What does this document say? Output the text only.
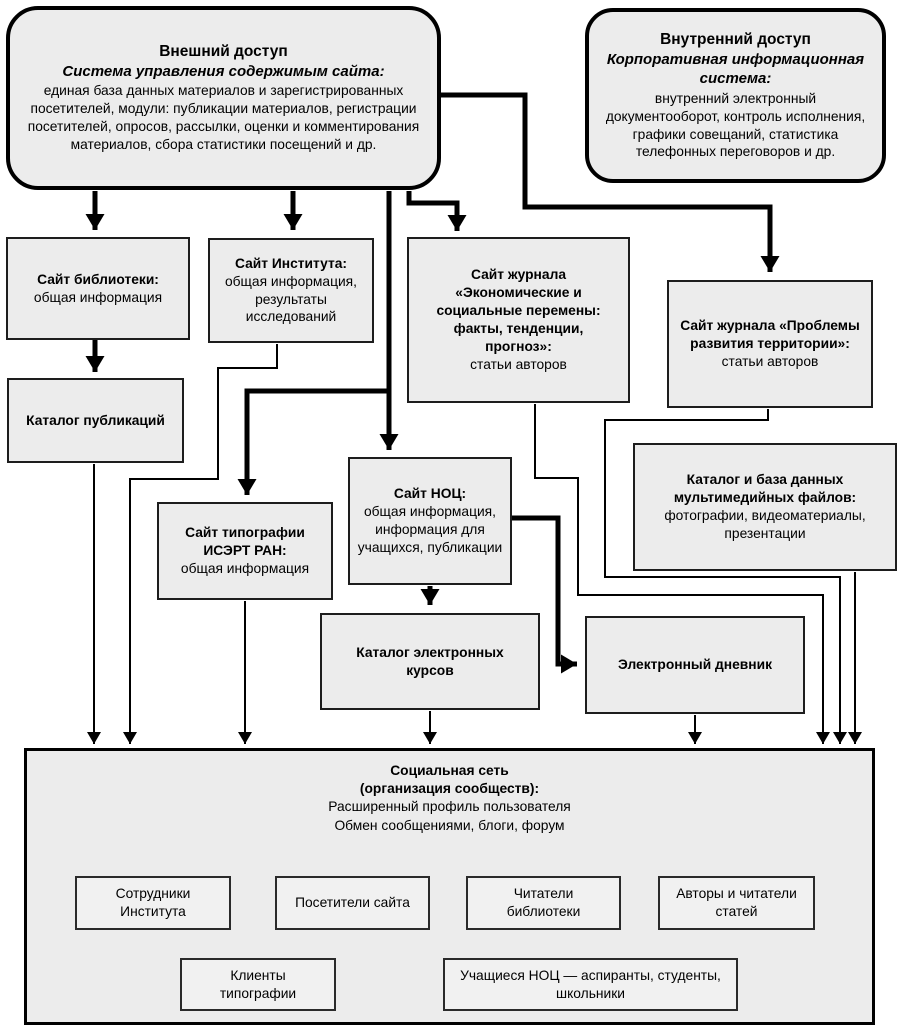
Внешний доступ
Система управления содержимым сайта:
единая база данных материалов и зарегистрированных посетителей, модули: публикации материалов, регистрации посетителей, опросов, рассылки, оценки и комментирования материалов, сбора статистики посещений и др.
Внутренний доступ
Корпоративная информационная система:
внутренний электронный документооборот, контроль исполнения, графики совещаний, статистика телефонных переговоров и др.
Сайт библиотеки:
общая информация
Сайт Института:
общая информация, результаты исследований
Сайт журнала «Экономические и социальные перемены: факты, тенденции, прогноз»:
статьи авторов
Сайт журнала «Проблемы развития территории»:
статьи авторов
Каталог публикаций
Сайт типографии ИСЭРТ РАН:
общая информация
Сайт НОЦ:
общая информация, информация для учащихся, публикации
Каталог и база данных мультимедийных файлов:
фотографии, видеоматериалы, презентации
Каталог электронных курсов	Электронный дневник
Социальная сеть
(организация сообществ):
Расширенный профиль пользователя
Обмен сообщениями, блоги, форум
Сотрудники Института
Посетители сайта
Читатели библиотеки
Авторы и читатели статей
Клиенты типографии
Учащиеся НОЦ — аспиранты, студенты, школьники
